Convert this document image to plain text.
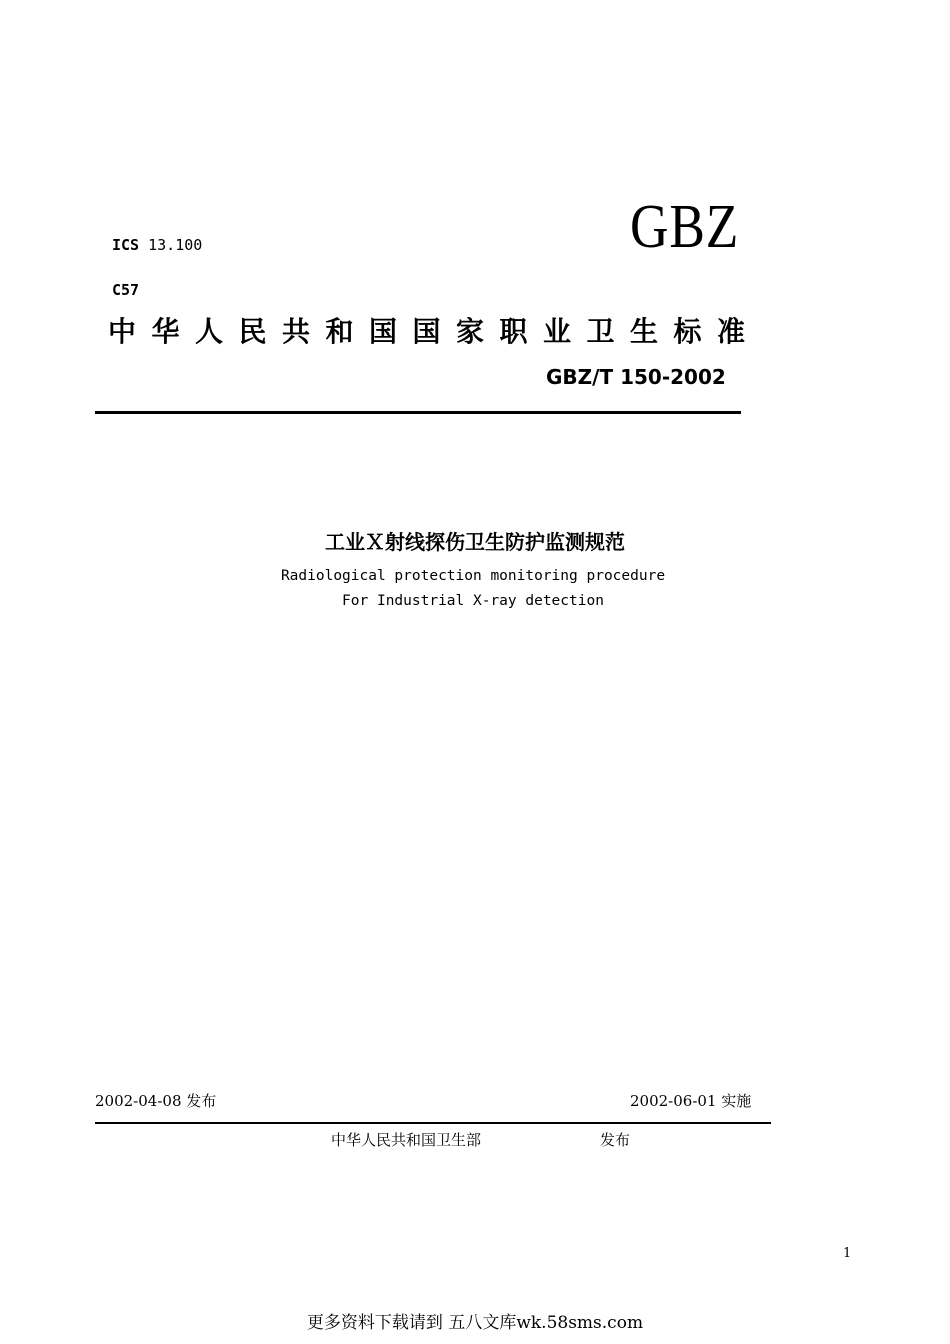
ICS 13.100	GBZ
C57
中华人民共和国国家职业卫生标准
GBZ/T 150-2002
工业Ｘ射线探伤卫生防护监测规范
Radiological protection monitoring procedure
For Industrial X-ray detection
2002-04-08 发布	2002-06-01 实施
中华人民共和国卫生部	发布
1
更多资料下载请到 五八文库wk.58sms.com
